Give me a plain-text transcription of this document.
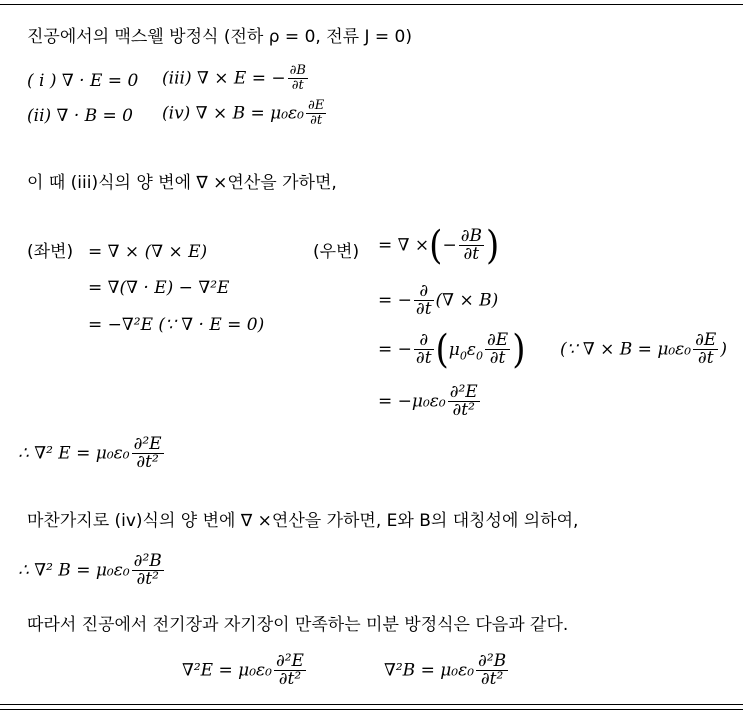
진공에서의 맥스웰 방정식 (전하 ρ = 0, 전류 J = 0)
( i ) ∇ · E = 0 (iii) ∇ × E = − $\frac{\partial B}{\partial t}$
(ii) ∇ · B = 0 (iv) ∇ × $B = \mu_0\varepsilon_0 \frac{\partial E}{\partial t}$
이 때 (iii)식의 양 변에 ∇ ×연산을 가하면,
(좌변) = ∇ × (∇ × E)
= ∇(∇ · E) − ∇²E
= −∇²E (∵ ∇ · E = 0)
(우변) = ∇ ×(− $\frac{\partial B}{\partial t}$ )
= − $\frac{\partial}{\partial t}$ (∇ × B)
= − $\frac{\partial}{\partial t} (\mu_0\varepsilon_0 \frac{\partial E}{\partial t}$ ) (∵ ∇ × $B = \mu_0\varepsilon_0 \frac{\partial E}{\partial t}$ )
= $-\mu_0\varepsilon_0 \frac{\text{∂²E}}{\text{∂t²}}$
∴ ∇² $E = \mu_0\varepsilon_0 \frac{\text{∂²E}}{\text{∂t²}}$
마찬가지로 (iv)식의 양 변에 ∇ ×연산을 가하면, E와 B의 대칭성에 의하여,
∴ ∇² $B = \mu_0\varepsilon_0 \frac{\text{∂²B}}{\text{∂t²}}$
따라서 진공에서 전기장과 자기장이 만족하는 미분 방정식은 다음과 같다.
$\nabla^2E = \mu_0\varepsilon_0 \frac{\text{∂²E}}{\text{∂t²}}$	$\nabla^2B = \mu_0\varepsilon_0 \frac{\text{∂²B}}{\text{∂t²}}$
